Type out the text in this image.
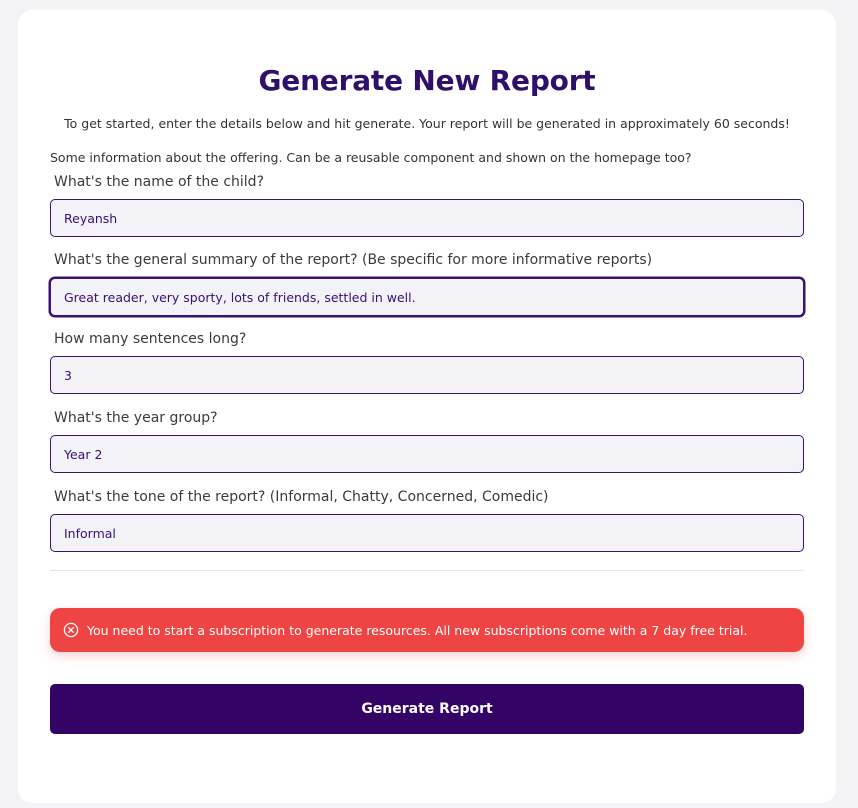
Generate New Report

To get started, enter the details below and hit generate. Your report will be generated in approximately 60 seconds!

Some information about the offering. Can be a reusable component and shown on the homepage too?

What's the name of the child?
Reyansh
What's the general summary of the report? (Be specific for more informative reports)
Great reader, very sporty, lots of friends, settled in well.
How many sentences long?
3
What's the year group?
Year 2
What's the tone of the report? (Informal, Chatty, Concerned, Comedic)
Informal
You need to start a subscription to generate resources. All new subscriptions come with a 7 day free trial.
Generate Report
